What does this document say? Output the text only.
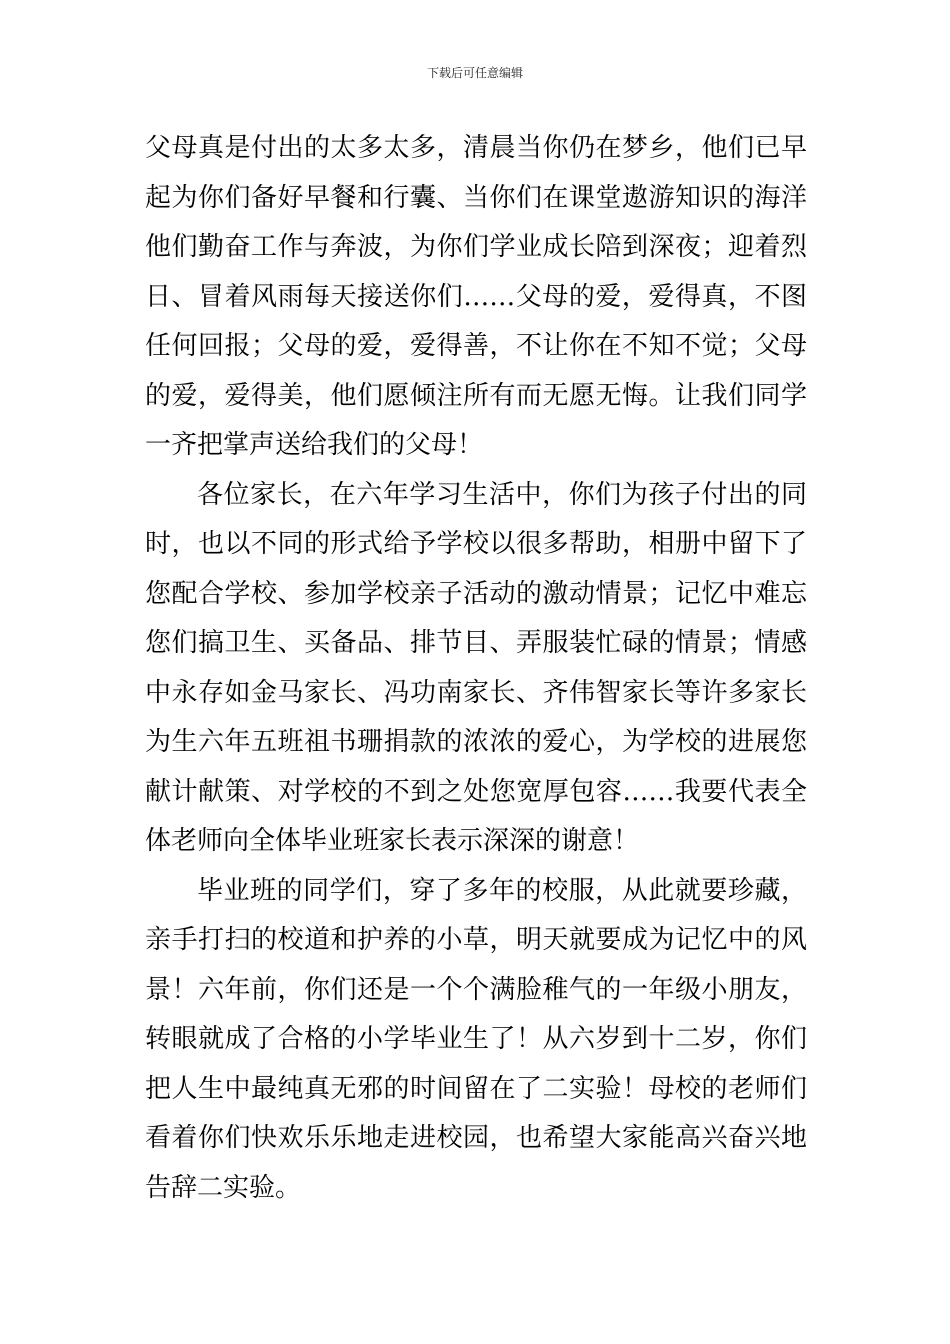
下载后可任意编辑
父母真是付出的太多太多，清晨当你仍在梦乡，他们已早
起为你们备好早餐和行囊、当你们在课堂遨游知识的海洋
他们勤奋工作与奔波，为你们学业成长陪到深夜；迎着烈
日、冒着风雨每天接送你们……父母的爱，爱得真，不图
任何回报；父母的爱，爱得善，不让你在不知不觉；父母
的爱，爱得美，他们愿倾注所有而无愿无悔。让我们同学
一齐把掌声送给我们的父母！
各位家长，在六年学习生活中，你们为孩子付出的同
时，也以不同的形式给予学校以很多帮助，相册中留下了
您配合学校、参加学校亲子活动的激动情景；记忆中难忘
您们搞卫生、买备品、排节目、弄服装忙碌的情景；情感
中永存如金马家长、冯功南家长、齐伟智家长等许多家长
为生六年五班祖书珊捐款的浓浓的爱心，为学校的进展您
献计献策、对学校的不到之处您宽厚包容……我要代表全
体老师向全体毕业班家长表示深深的谢意！
毕业班的同学们，穿了多年的校服，从此就要珍藏，
亲手打扫的校道和护养的小草，明天就要成为记忆中的风
景！六年前，你们还是一个个满脸稚气的一年级小朋友，
转眼就成了合格的小学毕业生了！从六岁到十二岁，你们
把人生中最纯真无邪的时间留在了二实验！母校的老师们
看着你们快欢乐乐地走进校园，也希望大家能高兴奋兴地
告辞二实验。
